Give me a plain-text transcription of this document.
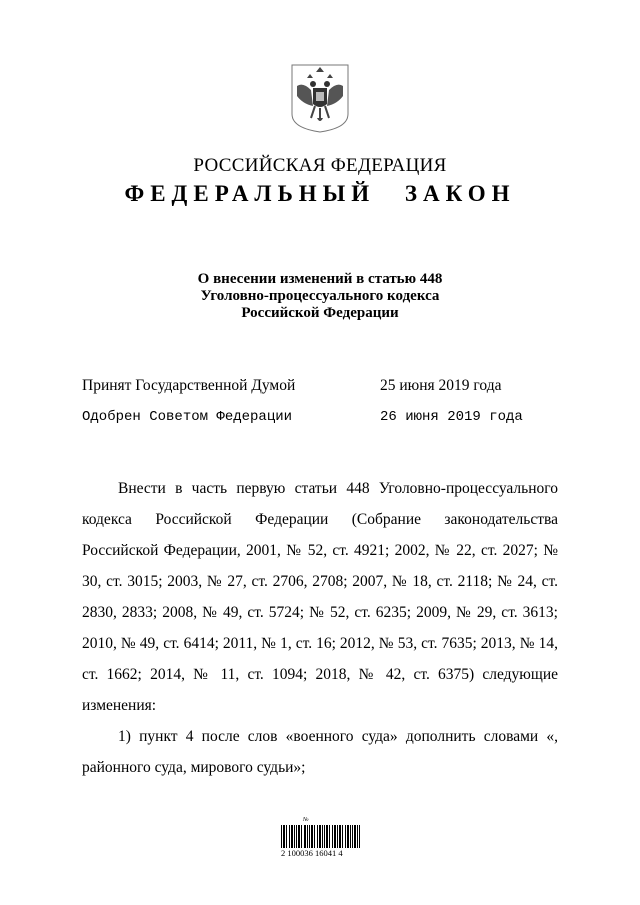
РОССИЙСКАЯ ФЕДЕРАЦИЯ
ФЕДЕРАЛЬНЫЙ ЗАКОН
О внесении изменений в статью 448
Уголовно-процессуального кодекса
Российской Федерации
Принят Государственной Думой	25 июня 2019 года
Одобрен Советом Федерации	26 июня 2019 года

Внести в часть первую статьи 448 Уголовно-процессуального кодекса Российской Федерации (Собрание законодательства Российской Федерации, 2001, № 52, ст. 4921; 2002, № 22, ст. 2027; № 30, ст. 3015; 2003, № 27, ст. 2706, 2708; 2007, № 18, ст. 2118; № 24, ст. 2830, 2833; 2008, № 49, ст. 5724; № 52, ст. 6235; 2009, № 29, ст. 3613; 2010, № 49, ст. 6414; 2011, № 1, ст. 16; 2012, № 53, ст. 7635; 2013, № 14, ст. 1662; 2014, № 11, ст. 1094; 2018, № 42, ст. 6375) следующие изменения:

1) пункт 4 после слов «военного суда» дополнить словами «, районного суда, мирового судьи»;

№
2 100036 16041 4
